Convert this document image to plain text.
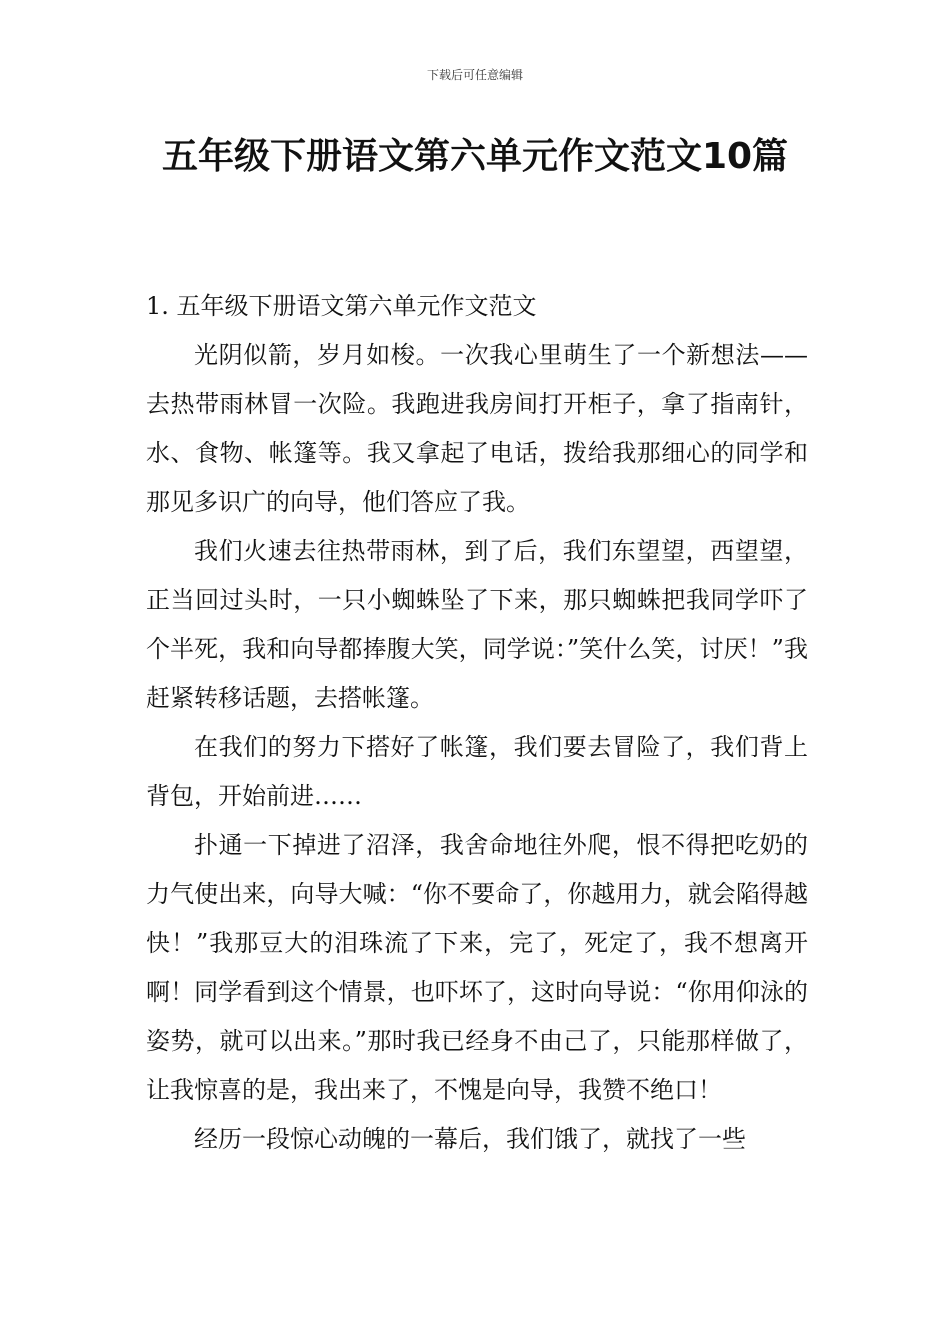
下载后可任意编辑
五年级下册语文第六单元作文范文10篇

1. 五年级下册语文第六单元作文范文

光阴似箭，岁月如梭。一次我心里萌生了一个新想法——去热带雨林冒一次险。我跑进我房间打开柜子，拿了指南针，水、食物、帐篷等。我又拿起了电话，拨给我那细心的同学和那见多识广的向导，他们答应了我。

我们火速去往热带雨林，到了后，我们东望望，西望望，正当回过头时，一只小蜘蛛坠了下来，那只蜘蛛把我同学吓了个半死，我和向导都捧腹大笑，同学说：”笑什么笑，讨厌！”我赶紧转移话题，去搭帐篷。

在我们的努力下搭好了帐篷，我们要去冒险了，我们背上背包，开始前进……

扑通一下掉进了沼泽，我舍命地往外爬，恨不得把吃奶的力气使出来，向导大喊：“你不要命了，你越用力，就会陷得越快！”我那豆大的泪珠流了下来，完了，死定了，我不想离开啊！同学看到这个情景，也吓坏了，这时向导说：“你用仰泳的姿势，就可以出来。”那时我已经身不由己了，只能那样做了，让我惊喜的是，我出来了，不愧是向导，我赞不绝口！

经历一段惊心动魄的一幕后，我们饿了，就找了一些
